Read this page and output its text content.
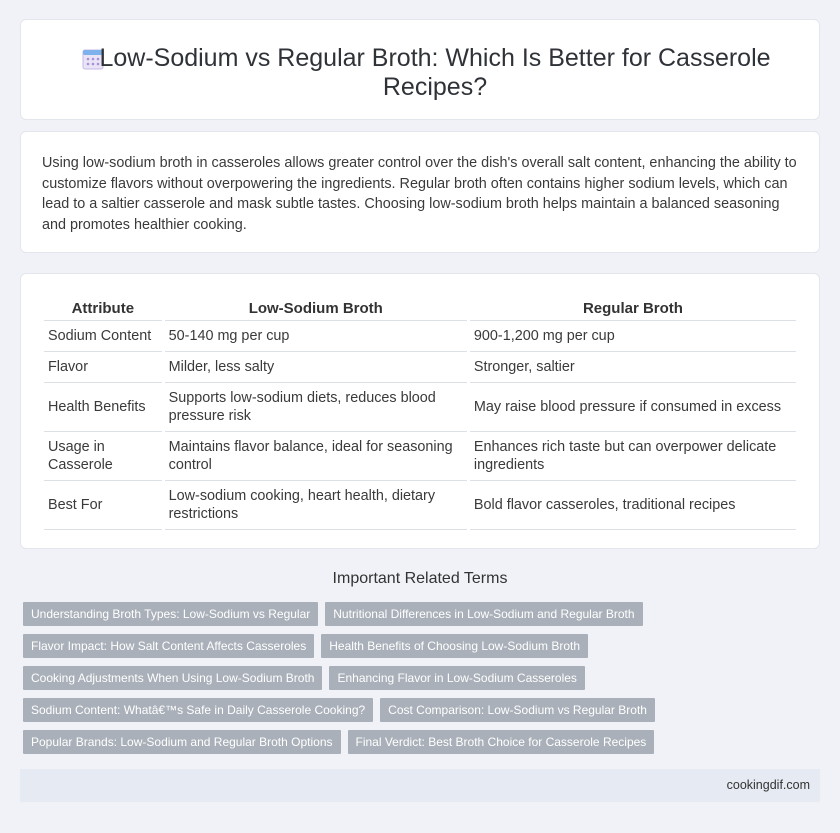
Low-Sodium vs Regular Broth: Which Is Better for Casserole Recipes?

Using low-sodium broth in casseroles allows greater control over the dish's overall salt content, enhancing the ability to customize flavors without overpowering the ingredients. Regular broth often contains higher sodium levels, which can lead to a saltier casserole and mask subtle tastes. Choosing low-sodium broth helps maintain a balanced seasoning and promotes healthier cooking.

Attribute	Low-Sodium Broth	Regular Broth
Sodium Content	50-140 mg per cup	900-1,200 mg per cup
Flavor	Milder, less salty	Stronger, saltier
Health Benefits	Supports low-sodium diets, reduces blood pressure risk	May raise blood pressure if consumed in excess
Usage in Casserole	Maintains flavor balance, ideal for seasoning control	Enhances rich taste but can overpower delicate ingredients
Best For	Low-sodium cooking, heart health, dietary restrictions	Bold flavor casseroles, traditional recipes
Important Related Terms
Understanding Broth Types: Low-Sodium vs Regular	Nutritional Differences in Low-Sodium and Regular Broth
Flavor Impact: How Salt Content Affects Casseroles	Health Benefits of Choosing Low-Sodium Broth
Cooking Adjustments When Using Low-Sodium Broth	Enhancing Flavor in Low-Sodium Casseroles
Sodium Content: Whatâ€™s Safe in Daily Casserole Cooking?	Cost Comparison: Low-Sodium vs Regular Broth
Popular Brands: Low-Sodium and Regular Broth Options	Final Verdict: Best Broth Choice for Casserole Recipes
cookingdif.com
